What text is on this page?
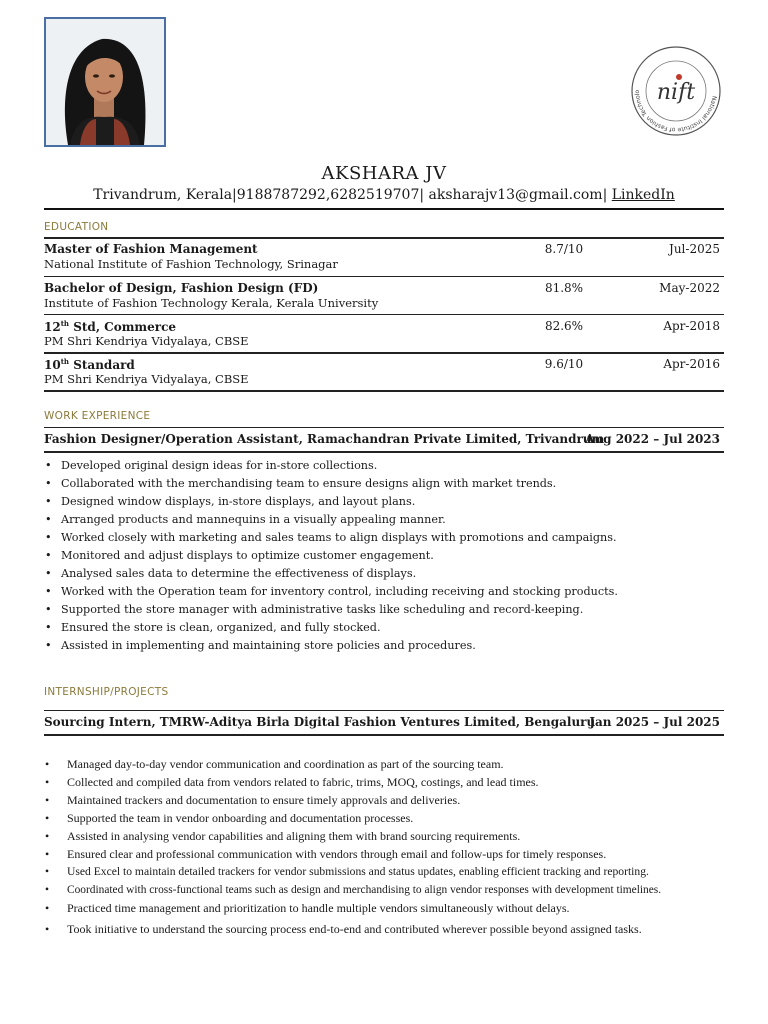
National Institute of Fashion Technolo nift
AKSHARA JV
Trivandrum, Kerala|9188787292,6282519707| aksharajv13@gmail.com| LinkedIn
EDUCATION
Master of Fashion Management
National Institute of Fashion Technology, Srinagar
8.7/10	Jul-2025
Bachelor of Design, Fashion Design (FD)
Institute of Fashion Technology Kerala, Kerala University
81.8%	May-2022
12th Std, Commerce
PM Shri Kendriya Vidyalaya, CBSE
82.6%	Apr-2018
10th Standard
PM Shri Kendriya Vidyalaya, CBSE
9.6/10	Apr-2016
WORK EXPERIENCE
Fashion Designer/Operation Assistant, Ramachandran Private Limited, Trivandrum
Aug 2022 – Jul 2023
• Developed original design ideas for in-store collections.
• Collaborated with the merchandising team to ensure designs align with market trends.
• Designed window displays, in-store displays, and layout plans.
• Arranged products and mannequins in a visually appealing manner.
• Worked closely with marketing and sales teams to align displays with promotions and campaigns.
• Monitored and adjust displays to optimize customer engagement.
• Analysed sales data to determine the effectiveness of displays.
• Worked with the Operation team for inventory control, including receiving and stocking products.
• Supported the store manager with administrative tasks like scheduling and record-keeping.
• Ensured the store is clean, organized, and fully stocked.
• Assisted in implementing and maintaining store policies and procedures.
INTERNSHIP/PROJECTS
Sourcing Intern, TMRW-Aditya Birla Digital Fashion Ventures Limited, Bengaluru
Jan 2025 – Jul 2025
• Managed day-to-day vendor communication and coordination as part of the sourcing team.
• Collected and compiled data from vendors related to fabric, trims, MOQ, costings, and lead times.
• Maintained trackers and documentation to ensure timely approvals and deliveries.
• Supported the team in vendor onboarding and documentation processes.
• Assisted in analysing vendor capabilities and aligning them with brand sourcing requirements.
• Ensured clear and professional communication with vendors through email and follow-ups for timely responses.
• Used Excel to maintain detailed trackers for vendor submissions and status updates, enabling efficient tracking and reporting.
• Coordinated with cross-functional teams such as design and merchandising to align vendor responses with development timelines.
• Practiced time management and prioritization to handle multiple vendors simultaneously without delays.
• Took initiative to understand the sourcing process end-to-end and contributed wherever possible beyond assigned tasks.
